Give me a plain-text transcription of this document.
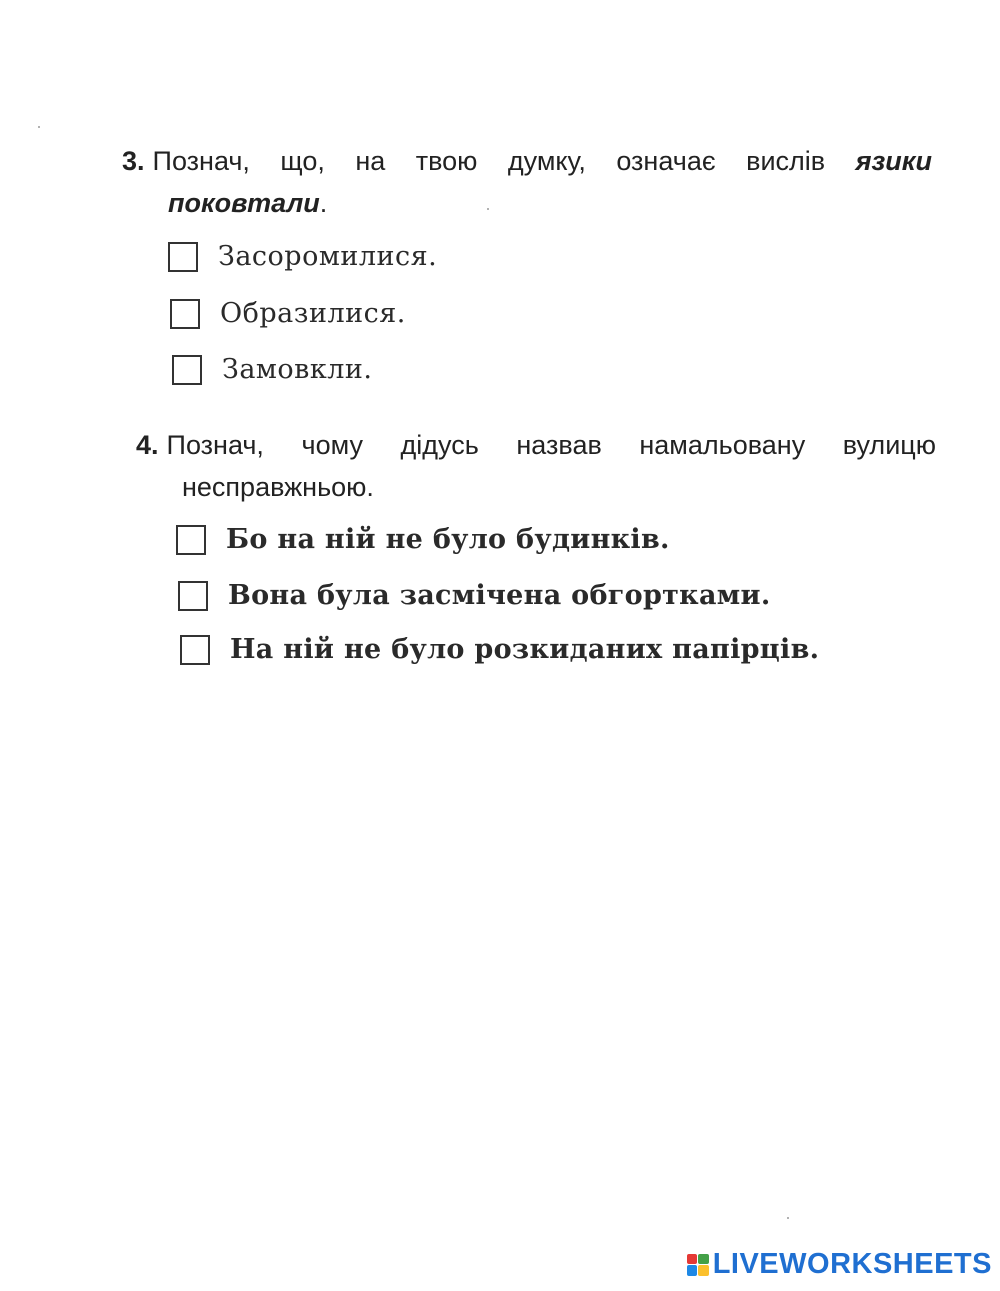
3. Познач, що, на твою думку, означає вислів язики
поковтали.
Засоромилися.
Образилися.
Замовкли.
4. Познач, чому дідусь назвав намальовану вулицю
несправжньою.
Бо на ній не було будинків.
Вона була засмічена обгортками.
На ній не було розкиданих папірців.
LIVEWORKSHEETS
